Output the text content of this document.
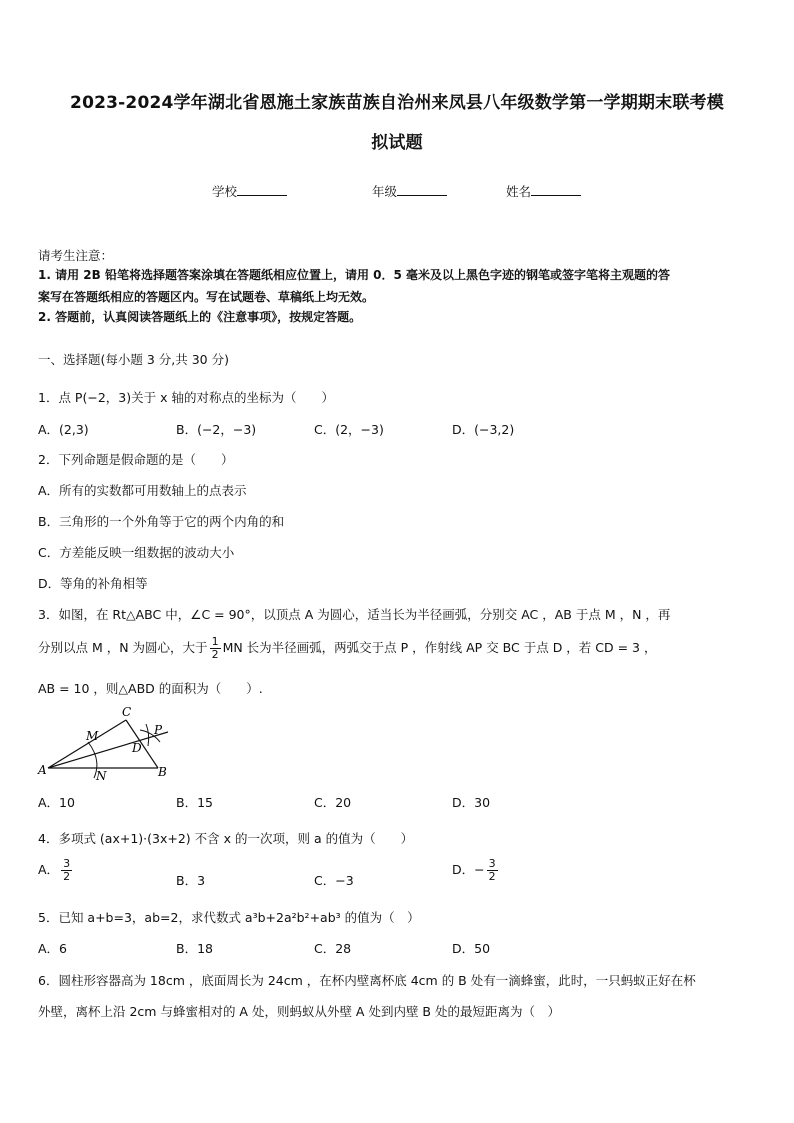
2023-2024学年湖北省恩施土家族苗族自治州来凤县八年级数学第一学期期末联考模
拟试题
学校	年级	姓名
请考生注意：
1. 请用 2B 铅笔将选择题答案涂填在答题纸相应位置上，请用 0．5 毫米及以上黑色字迹的钢笔或签字笔将主观题的答
案写在答题纸相应的答题区内。写在试题卷、草稿纸上均无效。
2. 答题前，认真阅读答题纸上的《注意事项》，按规定答题。
一、选择题(每小题 3 分,共 30 分)
1．点 P(−2，3)关于 x 轴的对称点的坐标为（　　）
A．(2,3)	B．(−2，−3)	C．(2，−3)	D．(−3,2)
2．下列命题是假命题的是（　　）
A．所有的实数都可用数轴上的点表示
B．三角形的一个外角等于它的两个内角的和
C．方差能反映一组数据的波动大小
D．等角的补角相等
3．如图，在 Rt△ABC 中，∠C = 90°，以顶点 A 为圆心，适当长为半径画弧，分别交 AC ，AB 于点 M ，N ，再
分别以点 M ，N 为圆心，大于 $\frac{1}{2}$ MN 长为半径画弧，两弧交于点 P ，作射线 AP 交 BC 于点 D ，若 CD = 3 ，
AB = 10 ，则△ABD 的面积为（　　）.
A	B
C
M
N
P
D
A．10	B．15	C．20	D．30
4．多项式 (ax+1)·(3x+2) 不含 x 的一次项，则 a 的值为（　　）
A． $\frac{3}{2}$	B．3	C．−3
D．− $\frac{3}{2}$
5．已知 a+b=3，ab=2，求代数式 a³b+2a²b²+ab³ 的值为（　）
A．6	B．18	C．28	D．50
6．圆柱形容器高为 18cm ，底面周长为 24cm ，在杯内壁离杯底 4cm 的 B 处有一滴蜂蜜，此时，一只蚂蚁正好在杯
外壁，离杯上沿 2cm 与蜂蜜相对的 A 处，则蚂蚁从外壁 A 处到内壁 B 处的最短距离为（　）
